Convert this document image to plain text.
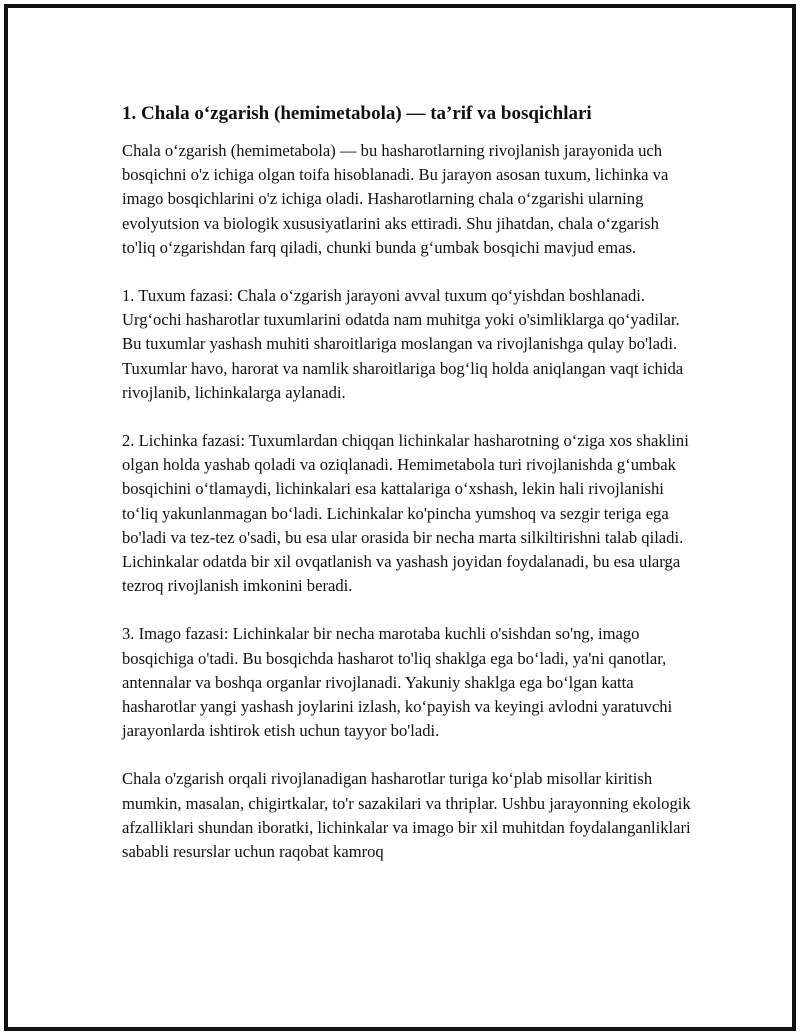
1. Chala o‘zgarish (hemimetabola) — ta’rif va bosqichlari

Chala o‘zgarish (hemimetabola) — bu hasharotlarning rivojlanish jarayonida uch bosqichni o'z ichiga olgan toifa hisoblanadi. Bu jarayon asosan tuxum, lichinka va imago bosqichlarini o'z ichiga oladi. Hasharotlarning chala o‘zgarishi ularning evolyutsion va biologik xususiyatlarini aks ettiradi. Shu jihatdan, chala o‘zgarish to'liq o‘zgarishdan farq qiladi, chunki bunda g‘umbak bosqichi mavjud emas.

1. Tuxum fazasi: Chala o‘zgarish jarayoni avval tuxum qo‘yishdan boshlanadi. Urg‘ochi hasharotlar tuxumlarini odatda nam muhitga yoki o'simliklarga qo‘yadilar. Bu tuxumlar yashash muhiti sharoitlariga moslangan va rivojlanishga qulay bo'ladi. Tuxumlar havo, harorat va namlik sharoitlariga bog‘liq holda aniqlangan vaqt ichida rivojlanib, lichinkalarga aylanadi.

2. Lichinka fazasi: Tuxumlardan chiqqan lichinkalar hasharotning o‘ziga xos shaklini olgan holda yashab qoladi va oziqlanadi. Hemimetabola turi rivojlanishda g‘umbak bosqichini o‘tlamaydi, lichinkalari esa kattalariga o‘xshash, lekin hali rivojlanishi to‘liq yakunlanmagan bo‘ladi. Lichinkalar ko'pincha yumshoq va sezgir teriga ega bo'ladi va tez-tez o'sadi, bu esa ular orasida bir necha marta silkiltirishni talab qiladi. Lichinkalar odatda bir xil ovqatlanish va yashash joyidan foydalanadi, bu esa ularga tezroq rivojlanish imkonini beradi.

3. Imago fazasi: Lichinkalar bir necha marotaba kuchli o'sishdan so'ng, imago bosqichiga o'tadi. Bu bosqichda hasharot to'liq shaklga ega bo‘ladi, ya'ni qanotlar, antennalar va boshqa organlar rivojlanadi. Yakuniy shaklga ega bo‘lgan katta hasharotlar yangi yashash joylarini izlash, ko‘payish va keyingi avlodni yaratuvchi jarayonlarda ishtirok etish uchun tayyor bo'ladi.

Chala o'zgarish orqali rivojlanadigan hasharotlar turiga ko‘plab misollar kiritish mumkin, masalan, chigirtkalar, to'r sazakilari va thriplar. Ushbu jarayonning ekologik afzalliklari shundan iboratki, lichinkalar va imago bir xil muhitdan foydalanganliklari sababli resurslar uchun raqobat kamroq
